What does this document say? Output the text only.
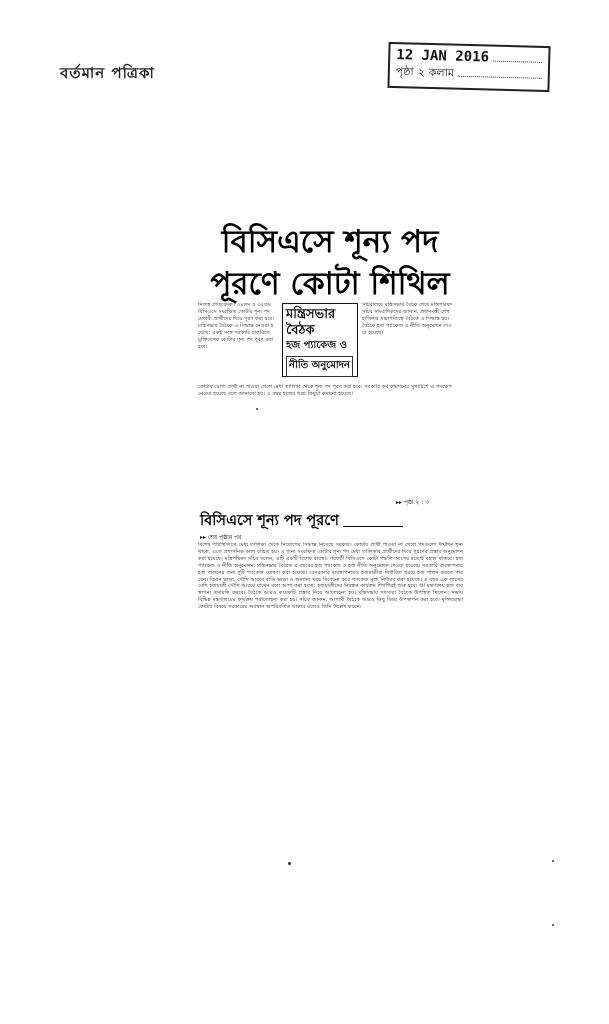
বর্তমান পত্রিকা
12 JAN 2016
পৃষ্ঠা ২ কলাম
বিসিএসে শূন্য পদ
পূরণে কোটা শিথিল
নিজস্ব প্রতিবেদক ৷ ৩৪তম ও ৩৫তম বিসিএসে সংরক্ষিত কোটার শূন্য পদ মেধাবী প্রার্থীদের দিয়ে পূরণ করা হবে। মন্ত্রিসভার বৈঠকে এ সিদ্ধান্ত নেওয়া হয়েছে। একই সঙ্গে সরকারি চাকরিতে মুক্তিযোদ্ধা কোটার শূন্য পদ পূরণ করা হবে।
মন্ত্রিসভার বৈঠক
হজ প্যাকেজ ও
নীতি অনুমোদন
সচিবালয়ে মন্ত্রিসভার বৈঠক শেষে মন্ত্রিপরিষদ সচিব সাংবাদিকদের জানান, প্রধানমন্ত্রী শেখ হাসিনার সভাপতিত্বে বৈঠকে এ সিদ্ধান্ত হয়। বৈঠকে হজ প্যাকেজ ও নীতি অনুমোদন দেওয়া হয়েছে।
কোটায় যোগ্য প্রার্থী না পাওয়া গেলে মেধা তালিকা থেকে শূন্য পদ পূরণ করা হবে। সরকারি কর্ম কমিশনের সুপারিশে এ পদক্ষেপ নেওয়া হয়েছে বলে জানানো হয়। এ বছর হজের খরচ কিছুটা কমানো হয়েছে।
▸▸ পৃষ্ঠা ২ : ৩
বিসিএসে শূন্য পদ পূরণে
▸▸ শেষ পৃষ্ঠার পর
বিশেষ পরিস্থিতিতে মেধা তালিকা থেকে নিয়োগের সিদ্ধান্ত নিয়েছে সরকার। কোটায় প্রার্থী পাওয়া না গেলে পদগুলো দীর্ঘদিন শূন্য থাকে, এতে প্রশাসনিক কাজ ব্যাহত হয়। এ জন্য সংরক্ষিত কোটার শূন্য পদ মেধা তালিকার প্রার্থীদের দিয়ে পূরণের প্রস্তাব অনুমোদন করা হয়েছে। মন্ত্রিপরিষদ সচিব বলেন, এটি একটি বিশেষ ব্যবস্থা। পরবর্তী বিসিএসে কোটা পদ্ধতি আগের মতোই বহাল থাকবে। হজ প্যাকেজ ও নীতি অনুমোদন: মন্ত্রিসভার বৈঠকে এ বছরের হজ প্যাকেজ ও হজ নীতি অনুমোদন দেওয়া হয়েছে। সরকারি ব্যবস্থাপনায় হজ পালনের জন্য দুটি প্যাকেজ ঘোষণা করা হয়েছে। বেসরকারি ব্যবস্থাপনায়ও হজযাত্রীরা নির্ধারিত খরচে হজ পালন করতে পারবেন। বিমান ভাড়া, সৌদি আরবে বাড়ি ভাড়া ও অন্যান্য খরচ বিবেচনা করে প্যাকেজ মূল্য নির্ধারণ করা হয়েছে। এ বছর এক লাখের বেশি হজযাত্রী সৌদি আরবে যাবেন বলে আশা করা হচ্ছে। হজযাত্রীদের নিবন্ধন কার্যক্রম শিগগিরই শুরু হবে। ধর্ম মন্ত্রণালয় হজ ব্যবস্থাপনা তদারকি করবে। বৈঠকে আরও কয়েকটি প্রস্তাব নিয়ে আলোচনা হয়। মন্ত্রিসভার সদস্যরা বৈঠকে উপস্থিত ছিলেন। সভায় বিভিন্ন মন্ত্রণালয়ের কার্যক্রম পর্যালোচনা করা হয়। সচিব জানান, আগামী বৈঠকে আরও কিছু বিষয় উপস্থাপন করা হবে। মুক্তিযোদ্ধা কোটার বিষয়ে সরকারের অবস্থান অপরিবর্তিত থাকবে বলেও তিনি উল্লেখ করেন।
